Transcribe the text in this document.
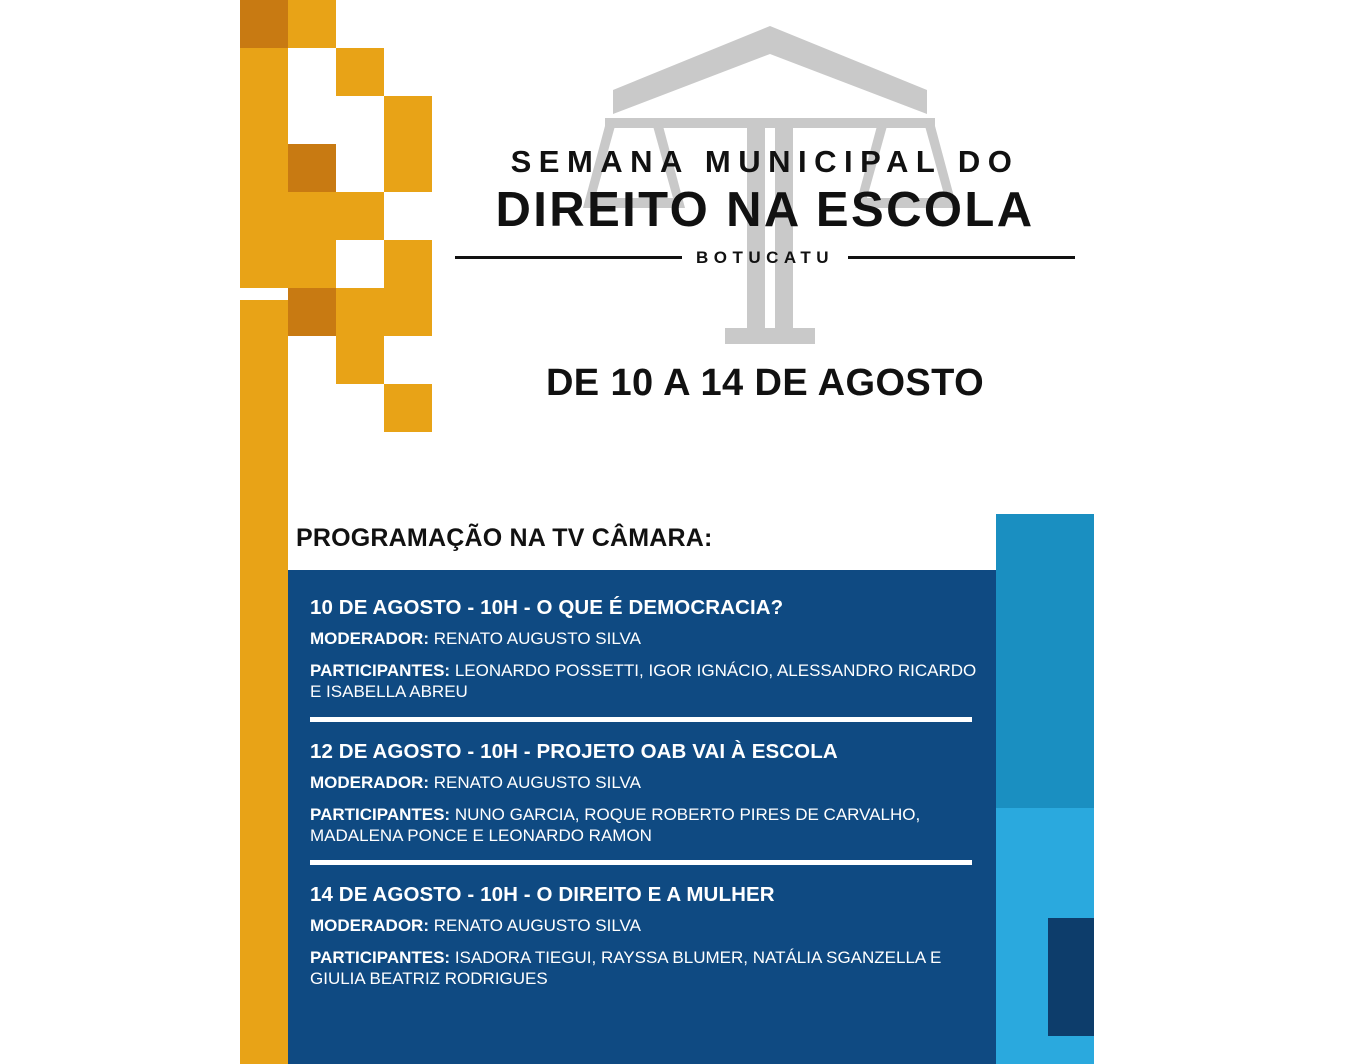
SEMANA MUNICIPAL DO
DIREITO NA ESCOLA
BOTUCATU
DE 10 A 14 DE AGOSTO
PROGRAMAÇÃO NA TV CÂMARA:
10 DE AGOSTO - 10H - O QUE É DEMOCRACIA?
MODERADOR: RENATO AUGUSTO SILVA
PARTICIPANTES: LEONARDO POSSETTI, IGOR IGNÁCIO, ALESSANDRO RICARDO E ISABELLA ABREU
12 DE AGOSTO - 10H - PROJETO OAB VAI À ESCOLA
MODERADOR: RENATO AUGUSTO SILVA
PARTICIPANTES: NUNO GARCIA, ROQUE ROBERTO PIRES DE CARVALHO, MADALENA PONCE E LEONARDO RAMON
14 DE AGOSTO - 10H - O DIREITO E A MULHER
MODERADOR: RENATO AUGUSTO SILVA
PARTICIPANTES: ISADORA TIEGUI, RAYSSA BLUMER, NATÁLIA SGANZELLA E GIULIA BEATRIZ RODRIGUES
